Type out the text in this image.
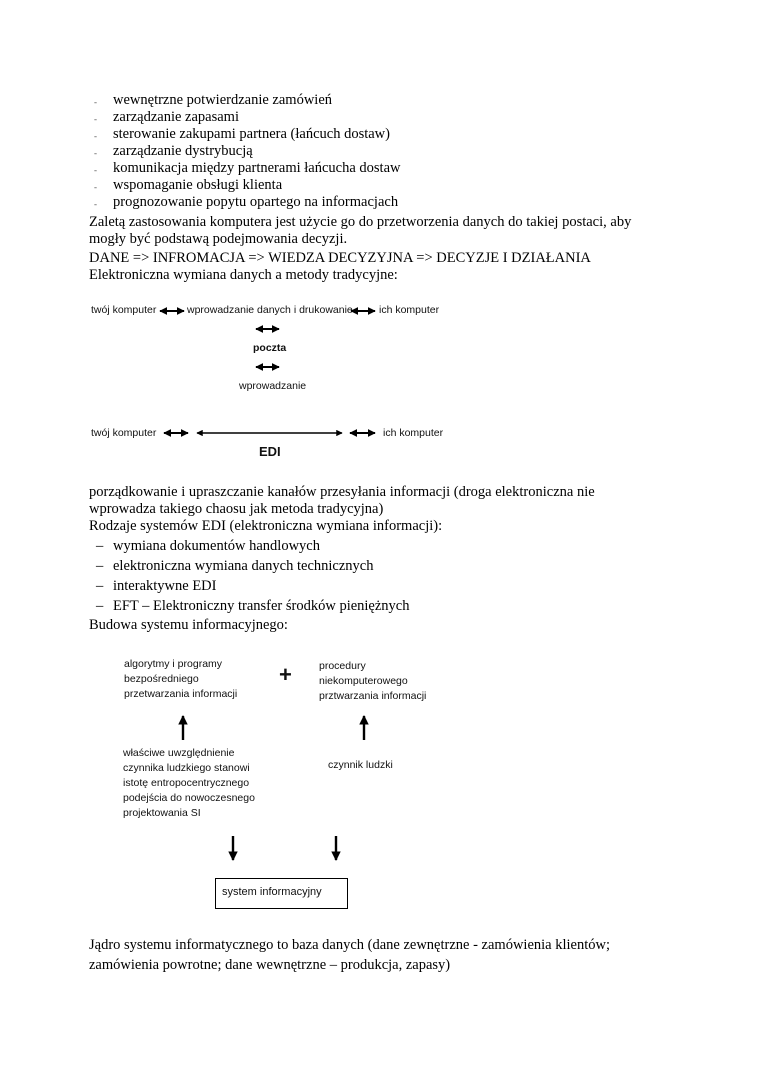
- wewnętrzne potwierdzanie zamówień
- zarządzanie zapasami
- sterowanie zakupami partnera (łańcuch dostaw)
- zarządzanie dystrybucją
- komunikacja między partnerami łańcucha dostaw
- wspomaganie obsługi klienta
- prognozowanie popytu opartego na informacjach
Zaletą zastosowania komputera jest użycie go do przetworzenia danych do takiej postaci, aby
mogły być podstawą podejmowania decyzji.
DANE => INFROMACJA => WIEDZA DECYZYJNA => DECYZJE I DZIAŁANIA
Elektroniczna wymiana danych a metody tradycyjne:
twój komputer	wprowadzanie danych i drukowanie ich komputer
poczta
wprowadzanie
twój komputer	ich komputer
EDI
porządkowanie i upraszczanie kanałów przesyłania informacji (droga elektroniczna nie
wprowadza takiego chaosu jak metoda tradycyjna)
Rodzaje systemów EDI (elektroniczna wymiana informacji):
– wymiana dokumentów handlowych
– elektroniczna wymiana danych technicznych
– interaktywne EDI
– EFT – Elektroniczny transfer środków pieniężnych
Budowa systemu informacyjnego:
algorytmy i programy
bezpośredniego
przetwarzania informacji
+	procedury
niekomputerowego
prztwarzania informacji
właściwe uwzględnienie
czynnika ludzkiego stanowi
istotę entropocentrycznego
podejścia do nowoczesnego
projektowania SI
czynnik ludzki
system informacyjny
Jądro systemu informatycznego to baza danych (dane zewnętrzne - zamówienia klientów;
zamówienia powrotne; dane wewnętrzne – produkcja, zapasy)
